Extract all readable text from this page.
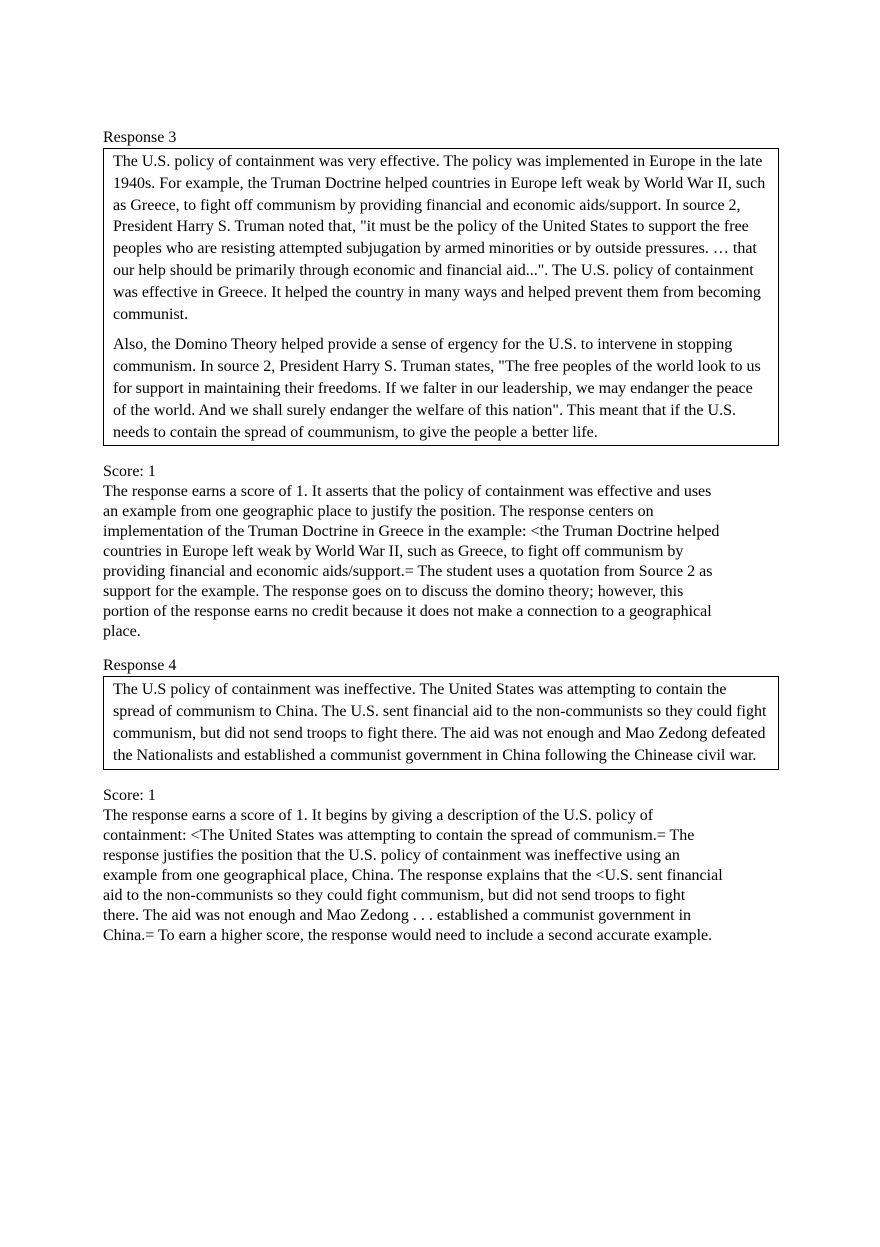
Response 3

The U.S. policy of containment was very effective. The policy was implemented in Europe in the late 1940s. For example, the Truman Doctrine helped countries in Europe left weak by World War II, such as Greece, to fight off communism by providing financial and economic aids/support. In source 2, President Harry S. Truman noted that, "it must be the policy of the United States to support the free peoples who are resisting attempted subjugation by armed minorities or by outside pressures. … that our help should be primarily through economic and financial aid...". The U.S. policy of containment was effective in Greece. It helped the country in many ways and helped prevent them from becoming communist.

Also, the Domino Theory helped provide a sense of ergency for the U.S. to intervene in stopping communism. In source 2, President Harry S. Truman states, "The free peoples of the world look to us for support in maintaining their freedoms. If we falter in our leadership, we may endanger the peace of the world. And we shall surely endanger the welfare of this nation". This meant that if the U.S. needs to contain the spread of coummunism, to give the people a better life.

Score: 1

The response earns a score of 1. It asserts that the policy of containment was effective and uses an example from one geographic place to justify the position. The response centers on implementation of the Truman Doctrine in Greece in the example: <the Truman Doctrine helped countries in Europe left weak by World War II, such as Greece, to fight off communism by providing financial and economic aids/support.= The student uses a quotation from Source 2 as support for the example. The response goes on to discuss the domino theory; however, this portion of the response earns no credit because it does not make a connection to a geographical place.

Response 4

The U.S policy of containment was ineffective. The United States was attempting to contain the spread of communism to China. The U.S. sent financial aid to the non-communists so they could fight communism, but did not send troops to fight there. The aid was not enough and Mao Zedong defeated the Nationalists and established a communist government in China following the Chinease civil war.

Score: 1

The response earns a score of 1. It begins by giving a description of the U.S. policy of containment: <The United States was attempting to contain the spread of communism.= The response justifies the position that the U.S. policy of containment was ineffective using an example from one geographical place, China. The response explains that the <U.S. sent financial aid to the non-communists so they could fight communism, but did not send troops to fight there. The aid was not enough and Mao Zedong . . . established a communist government in China.= To earn a higher score, the response would need to include a second accurate example.
